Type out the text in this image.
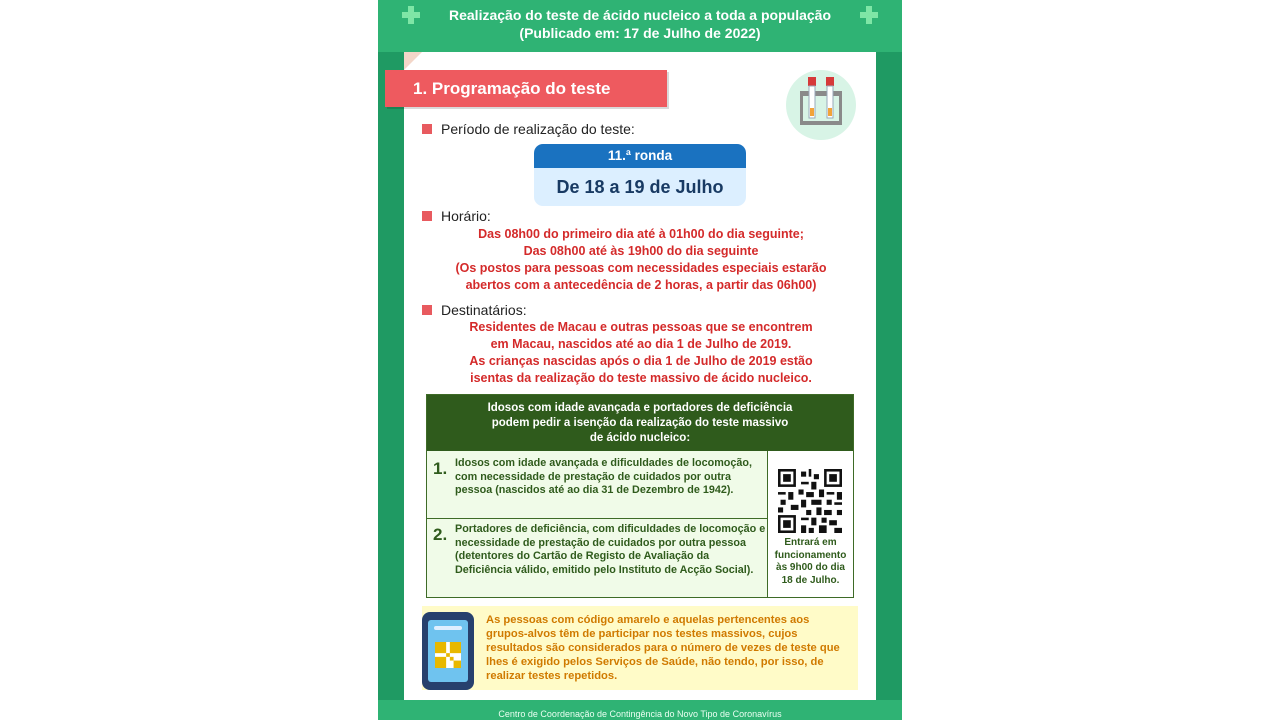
Realização do teste de ácido nucleico a toda a população
(Publicado em: 17 de Julho de 2022)
1. Programação do teste
Período de realização do teste:
11.ª ronda
De 18 a 19 de Julho
Horário:
Das 08h00 do primeiro dia até à 01h00 do dia seguinte;
Das 08h00 até às 19h00 do dia seguinte
(Os postos para pessoas com necessidades especiais estarão
abertos com a antecedência de 2 horas, a partir das 06h00)
Destinatários:
Residentes de Macau e outras pessoas que se encontrem
em Macau, nascidos até ao dia 1 de Julho de 2019.
As crianças nascidas após o dia 1 de Julho de 2019 estão
isentas da realização do teste massivo de ácido nucleico.
Idosos com idade avançada e portadores de deficiência
podem pedir a isenção da realização do teste massivo
de ácido nucleico:
1. Idosos com idade avançada e dificuldades de locomoção, com necessidade de prestação de cuidados por outra pessoa (nascidos até ao dia 31 de Dezembro de 1942).
2. Portadores de deficiência, com dificuldades de locomoção e necessidade de prestação de cuidados por outra pessoa (detentores do Cartão de Registo de Avaliação da Deficiência válido, emitido pelo Instituto de Acção Social).
Entrará em funcionamento às 9h00 do dia 18 de Julho.
As pessoas com código amarelo e aquelas pertencentes aos grupos-alvos têm de participar nos testes massivos, cujos resultados são considerados para o número de vezes de teste que lhes é exigido pelos Serviços de Saúde, não tendo, por isso, de realizar testes repetidos.
Centro de Coordenação de Contingência do Novo Tipo de Coronavírus
